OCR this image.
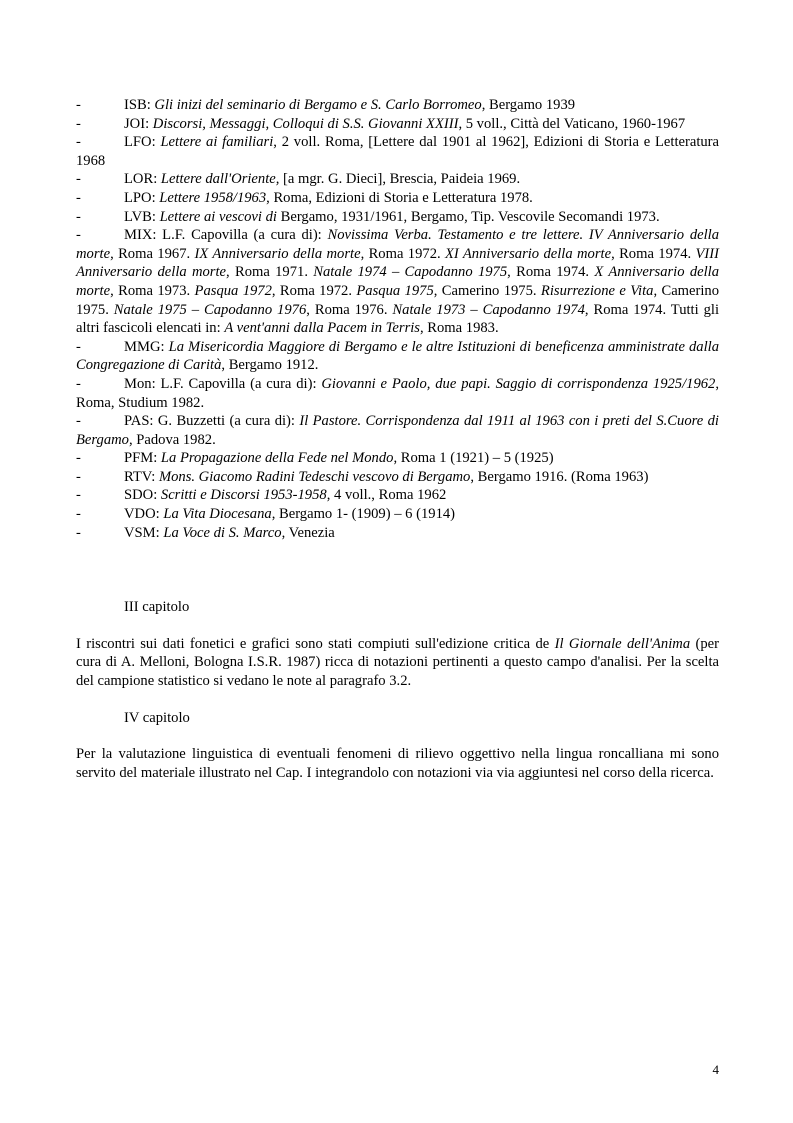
-	ISB: Gli inizi del seminario di Bergamo e S. Carlo Borromeo, Bergamo 1939

-	JOI: Discorsi, Messaggi, Colloqui di S.S. Giovanni XXIII, 5 voll., Città del Vaticano, 1960-1967

-	LFO: Lettere ai familiari, 2 voll. Roma, [Lettere dal 1901 al 1962], Edizioni di Storia e Letteratura 1968

-	LOR: Lettere dall'Oriente, [a mgr. G. Dieci], Brescia, Paideia 1969.

-	LPO: Lettere 1958/1963, Roma, Edizioni di Storia e Letteratura 1978.

-	LVB: Lettere ai vescovi di Bergamo, 1931/1961, Bergamo, Tip. Vescovile Secomandi 1973.

-	MIX: L.F. Capovilla (a cura di): Novissima Verba. Testamento e tre lettere. IV Anniversario della morte, Roma 1967. IX Anniversario della morte, Roma 1972. XI Anniversario della morte, Roma 1974. VIII Anniversario della morte, Roma 1971. Natale 1974 – Capodanno 1975, Roma 1974. X Anniversario della morte, Roma 1973. Pasqua 1972, Roma 1972. Pasqua 1975, Camerino 1975. Risurrezione e Vita, Camerino 1975. Natale 1975 – Capodanno 1976, Roma 1976. Natale 1973 – Capodanno 1974, Roma 1974. Tutti gli altri fascicoli elencati in: A vent'anni dalla Pacem in Terris, Roma 1983.

-	MMG: La Misericordia Maggiore di Bergamo e le altre Istituzioni di beneficenza amministrate dalla Congregazione di Carità, Bergamo 1912.

-	Mon: L.F. Capovilla (a cura di): Giovanni e Paolo, due papi. Saggio di corrispondenza 1925/1962, Roma, Studium 1982.

-	PAS: G. Buzzetti (a cura di): Il Pastore. Corrispondenza dal 1911 al 1963 con i preti del S.Cuore di Bergamo, Padova 1982.

-	PFM: La Propagazione della Fede nel Mondo, Roma 1 (1921) – 5 (1925)

-	RTV: Mons. Giacomo Radini Tedeschi vescovo di Bergamo, Bergamo 1916. (Roma 1963)

-	SDO: Scritti e Discorsi 1953-1958, 4 voll., Roma 1962

-	VDO: La Vita Diocesana, Bergamo 1- (1909) – 6 (1914)

-	VSM: La Voce di S. Marco, Venezia

III capitolo

I riscontri sui dati fonetici e grafici sono stati compiuti sull'edizione critica de Il Giornale dell'Anima (per cura di A. Melloni, Bologna I.S.R. 1987) ricca di notazioni pertinenti a questo campo d'analisi. Per la scelta del campione statistico si vedano le note al paragrafo 3.2.

IV capitolo

Per la valutazione linguistica di eventuali fenomeni di rilievo oggettivo nella lingua roncalliana mi sono servito del materiale illustrato nel Cap. I integrandolo con notazioni via via aggiuntesi nel corso della ricerca.

4
